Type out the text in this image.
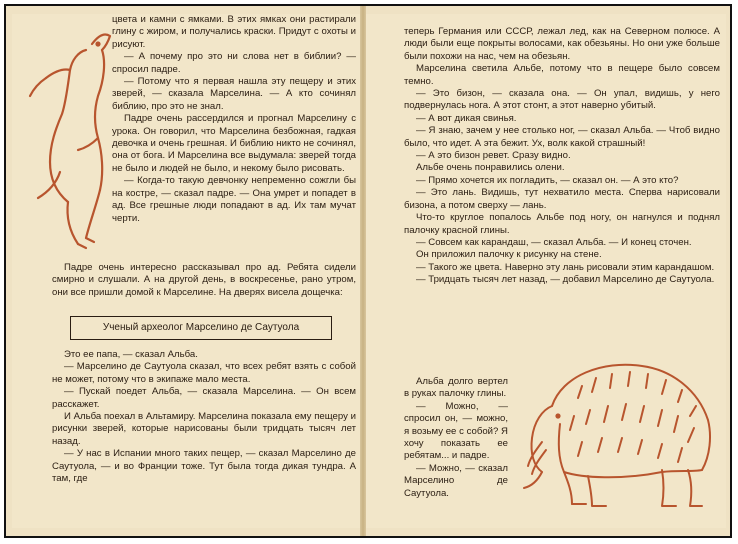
цвета и камни с ямками. В этих ямках они растирали глину с жиром, и получались краски. Придут с охоты и рисуют.

— А почему про это ни слова нет в библии? — спросил падре.

— Потому что я первая нашла эту пещеру и этих зверей, — сказала Марселина. — А кто сочинял библию, про это не знал.

Падре очень рассердился и прогнал Марселину с урока. Он говорил, что Марселина безбожная, гадкая девочка и очень грешная. И библию никто не сочинял, она от бога. И Марселина все выдумала: зверей тогда не было и людей не было, и некому было рисовать.

— Когда-то такую девчонку непременно сожгли бы на костре, — сказал падре. — Она умрет и попадет в ад. Все грешные люди попадают в ад. Их там мучат черти.

Падре очень интересно рассказывал про ад. Ребята сидели смирно и слушали. А на другой день, в воскресенье, рано утром, они все пришли домой к Марселине. На дверях висела дощечка:

Ученый археолог Марселино де Саутуола

Это ее папа, — сказал Альба.

— Марселино де Саутуола сказал, что всех ребят взять с собой не может, потому что в экипаже мало места.

— Пускай поедет Альба, — сказала Марселина. — Он всем расскажет.

И Альба поехал в Альтамиру. Марселина показала ему пещеру и рисунки зверей, которые нарисованы были тридцать тысяч лет назад.

— У нас в Испании много таких пещер, — сказал Марселино де Саутуола, — и во Франции тоже. Тут была тогда дикая тундра. А там, где

теперь Германия или СССР, лежал лед, как на Северном полюсе. А люди были еще покрыты волосами, как обезьяны. Но они уже больше были похожи на нас, чем на обезьян.

Марселина светила Альбе, потому что в пещере было совсем темно.

— Это бизон, — сказала она. — Он упал, видишь, у него подвернулась нога. А этот стонт, а этот наверно убитый.

— А вот дикая свинья.

— Я знаю, зачем у нее столько ног, — сказал Альба. — Чтоб видно было, что идет. А эта бежит. Ух, волк какой страшный!

— А это бизон ревет. Сразу видно.

Альбе очень понравились олени.

— Прямо хочется их погладить, — сказал он. — А это кто?

— Это лань. Видишь, тут нехватило места. Сперва нарисовали бизона, а потом сверху — лань.

Что-то круглое попалось Альбе под ногу, он нагнулся и поднял палочку красной глины.

— Совсем как карандаш, — сказал Альба. — И конец сточен.

Он приложил палочку к рисунку на стене.

— Такого же цвета. Наверно эту лань рисовали этим карандашом.

— Тридцать тысяч лет назад, — добавил Марселино де Саутуола.

Альба долго вертел в руках палочку глины.

— Можно, — спросил он, — можно, я возьму ее с собой? Я хочу показать ее ребятам... и падре.

— Можно, — сказал Марселино де Саутуола.
